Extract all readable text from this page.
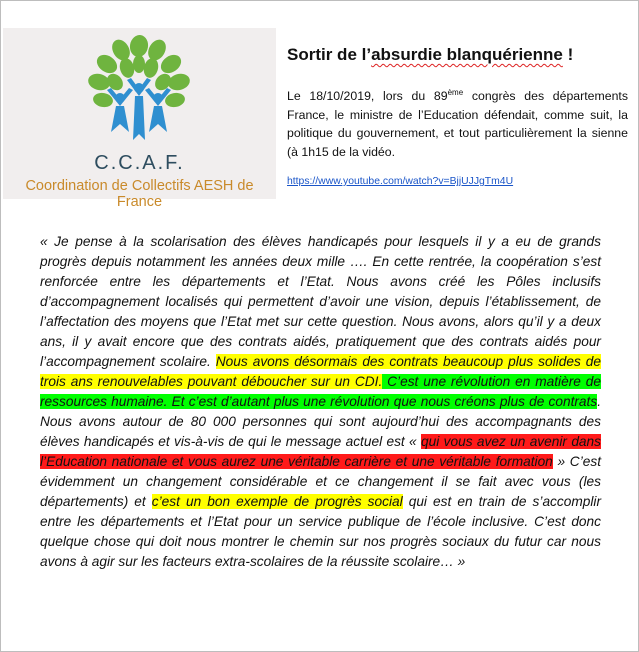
C.C.A.F.
Coordination de Collectifs AESH de France
Sortir de l’absurdie blanquérienne !
Le 18/10/2019, lors du 89ème congrès des départements France, le ministre de l’Education défendait, comme suit, la politique du gouvernement, et tout particulièrement la sienne (à 1h15 de la vidéo.
https://www.youtube.com/watch?v=BjjUJJgTm4U
« Je pense à la scolarisation des élèves handicapés pour lesquels il y a eu de grands progrès depuis notamment les années deux mille …. En cette rentrée, la coopération s’est renforcée entre les départements et l’Etat. Nous avons créé les Pôles inclusifs d’accompagnement localisés qui permettent d’avoir une vision, depuis l’établissement, de l’affectation des moyens que l’Etat met sur cette question. Nous avons, alors qu’il y a deux ans, il y avait encore que des contrats aidés, pratiquement que des contrats aidés pour l’accompagnement scolaire. Nous avons désormais des contrats beaucoup plus solides de trois ans renouvelables pouvant déboucher sur un CDI. C’est une révolution en matière de ressources humaine. Et c’est d’autant plus une révolution que nous créons plus de contrats. Nous avons autour de 80 000 personnes qui sont aujourd’hui des accompagnants des élèves handicapés et vis-à-vis de qui le message actuel est « qui vous avez un avenir dans l’Education nationale et vous aurez une véritable carrière et une véritable formation » C’est évidemment un changement considérable et ce changement il se fait avec vous (les départements) et c’est un bon exemple de progrès social qui est en train de s’accomplir entre les départements et l’Etat pour un service publique de l’école inclusive. C’est donc quelque chose qui doit nous montrer le chemin sur nos progrès sociaux du futur car nous avons à agir sur les facteurs extra-scolaires de la réussite scolaire… »
